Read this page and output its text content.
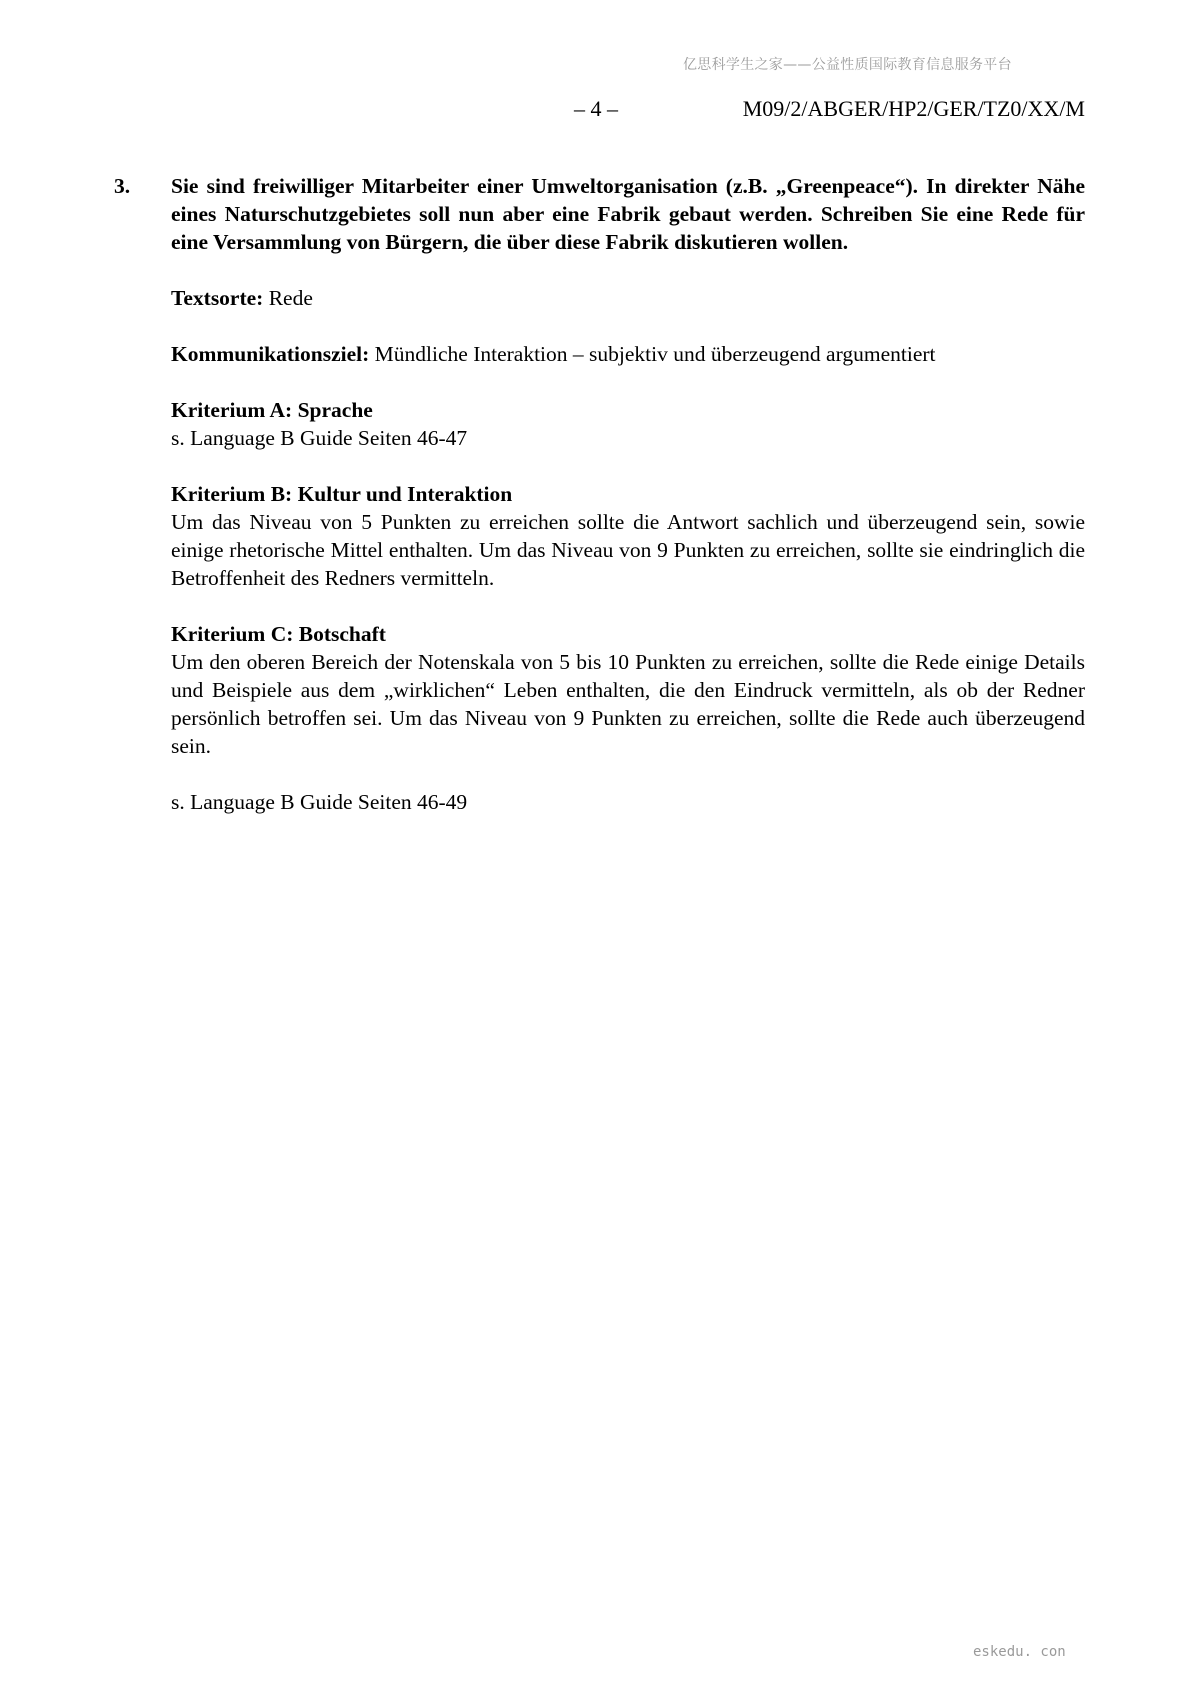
亿思科学生之家——公益性质国际教育信息服务平台
– 4 –	M09/2/ABGER/HP2/GER/TZ0/XX/M
3. Sie sind freiwilliger Mitarbeiter einer Umweltorganisation (z.B. „Greenpeace“). In direkter Nähe eines Naturschutzgebietes soll nun aber eine Fabrik gebaut werden. Schreiben Sie eine Rede für eine Versammlung von Bürgern, die über diese Fabrik diskutieren wollen.

Textsorte: Rede

Kommunikationsziel: Mündliche Interaktion – subjektiv und überzeugend argumentiert

Kriterium A: Sprache

s. Language B Guide Seiten 46-47

Kriterium B: Kultur und Interaktion

Um das Niveau von 5 Punkten zu erreichen sollte die Antwort sachlich und überzeugend sein, sowie einige rhetorische Mittel enthalten. Um das Niveau von 9 Punkten zu erreichen, sollte sie eindringlich die Betroffenheit des Redners vermitteln.

Kriterium C: Botschaft

Um den oberen Bereich der Notenskala von 5 bis 10 Punkten zu erreichen, sollte die Rede einige Details und Beispiele aus dem „wirklichen“ Leben enthalten, die den Eindruck vermitteln, als ob der Redner persönlich betroffen sei. Um das Niveau von 9 Punkten zu erreichen, sollte die Rede auch überzeugend sein.

s. Language B Guide Seiten 46-49

eskedu. con
